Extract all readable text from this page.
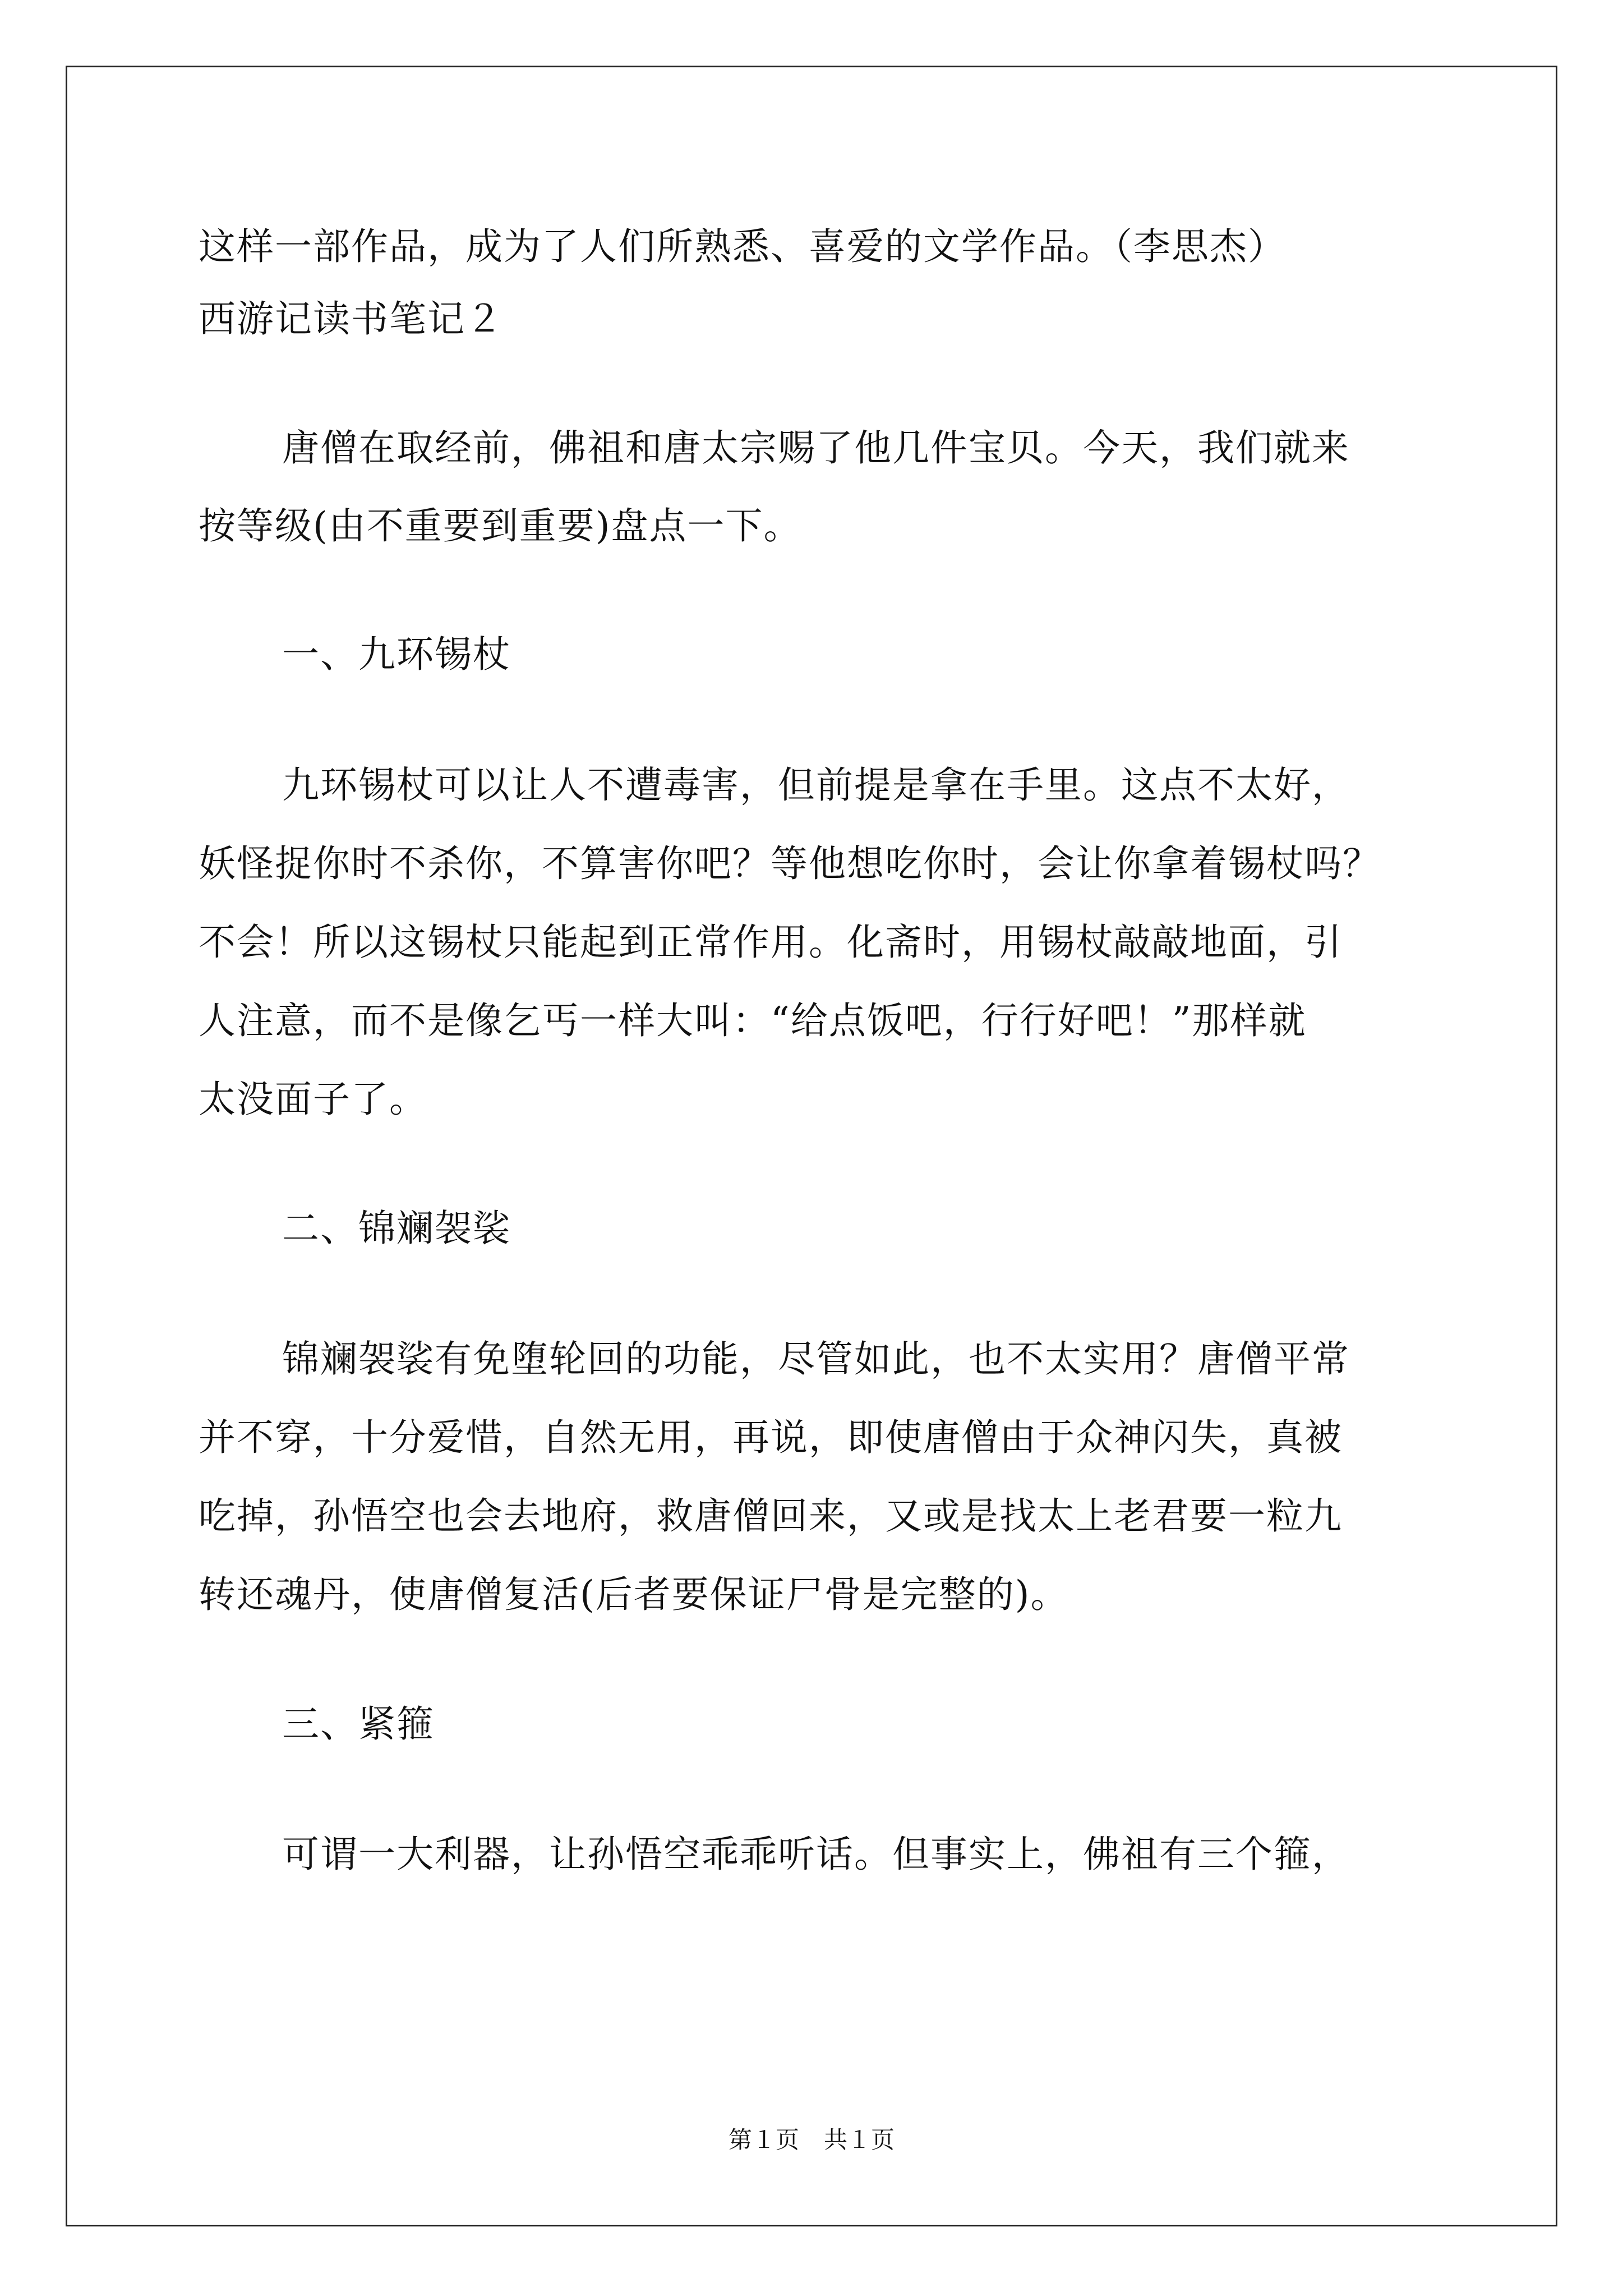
这样一部作品，成为了人们所熟悉、喜爱的文学作品。（李思杰）
西游记读书笔记２
唐僧在取经前，佛祖和唐太宗赐了他几件宝贝。今天，我们就来
按等级(由不重要到重要)盘点一下。
一、九环锡杖
九环锡杖可以让人不遭毒害，但前提是拿在手里。这点不太好，
妖怪捉你时不杀你，不算害你吧？等他想吃你时，会让你拿着锡杖吗？
不会！所以这锡杖只能起到正常作用。化斋时，用锡杖敲敲地面，引
人注意，而不是像乞丐一样大叫：“给点饭吧，行行好吧！”那样就
太没面子了。
二、锦斓袈裟
锦斓袈裟有免堕轮回的功能，尽管如此，也不太实用？唐僧平常
并不穿，十分爱惜，自然无用，再说，即使唐僧由于众神闪失，真被
吃掉，孙悟空也会去地府，救唐僧回来，又或是找太上老君要一粒九
转还魂丹，使唐僧复活(后者要保证尸骨是完整的)。
三、紧箍
可谓一大利器，让孙悟空乖乖听话。但事实上，佛祖有三个箍，
第１页 共１页
